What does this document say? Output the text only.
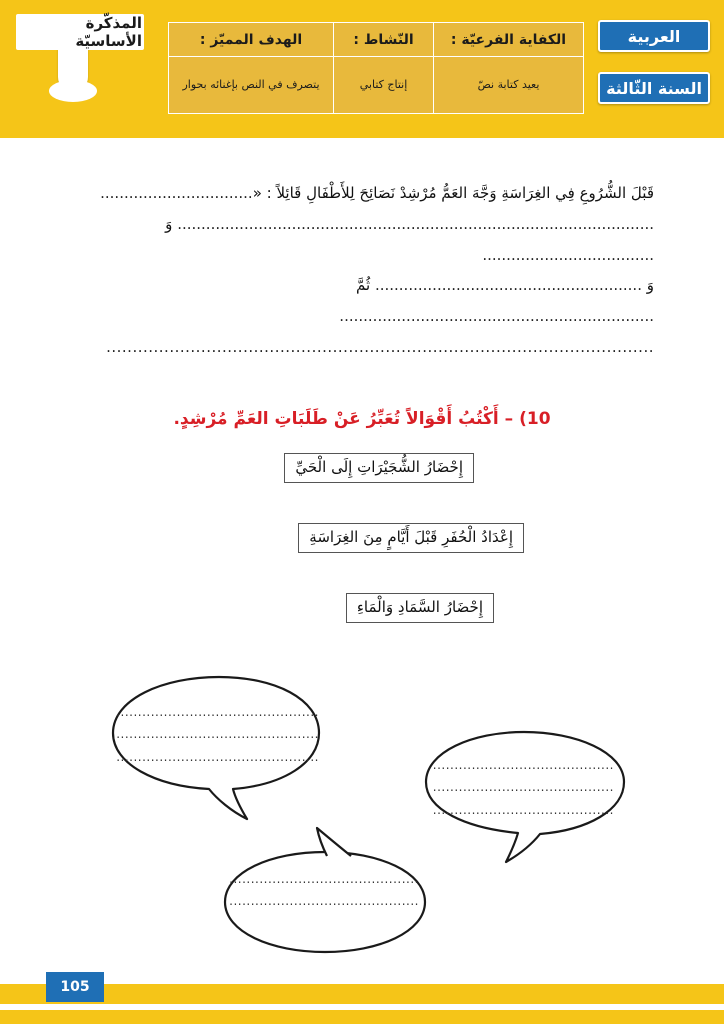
المذكّرة الأساسيّة	الكفاية الفرعيّة :	النّشاط :	الهدف المميّز :
يعيد كتابة نصّ	إنتاج كتابي	يتصرف في النص بإغنائه بحوار
العربية
السنة الثّالثة
قَبْلَ الشُّرُوعِ فِي الغِرَاسَةِ وَجَّهَ العَمُّ مُرْشِدْ نَصَائِحَ لِلأَطْفَالِ قَائِلاً : «................................
.................................................................................................... وَ ....................................
وَ ........................................................ ثُمَّ ..................................................................
........................................................................................................
10) – أَكْتُبُ أَقْوَالاً تُعَبِّرُ عَنْ طَلَبَاتِ العَمِّ مُرْشِدٍ.
إِحْضَارُ الشُّجَيْرَاتِ إِلَى الْحَيِّ
إِعْدَادُ الْحُفَرِ قَبْلَ أَيَّامٍ مِنَ الغِرَاسَةِ
إِحْضَارُ السَّمَادِ وَالْمَاءِ
...............................................
...............................................
...............................................
..........................................
..........................................
..........................................
............................................
............................................
105
